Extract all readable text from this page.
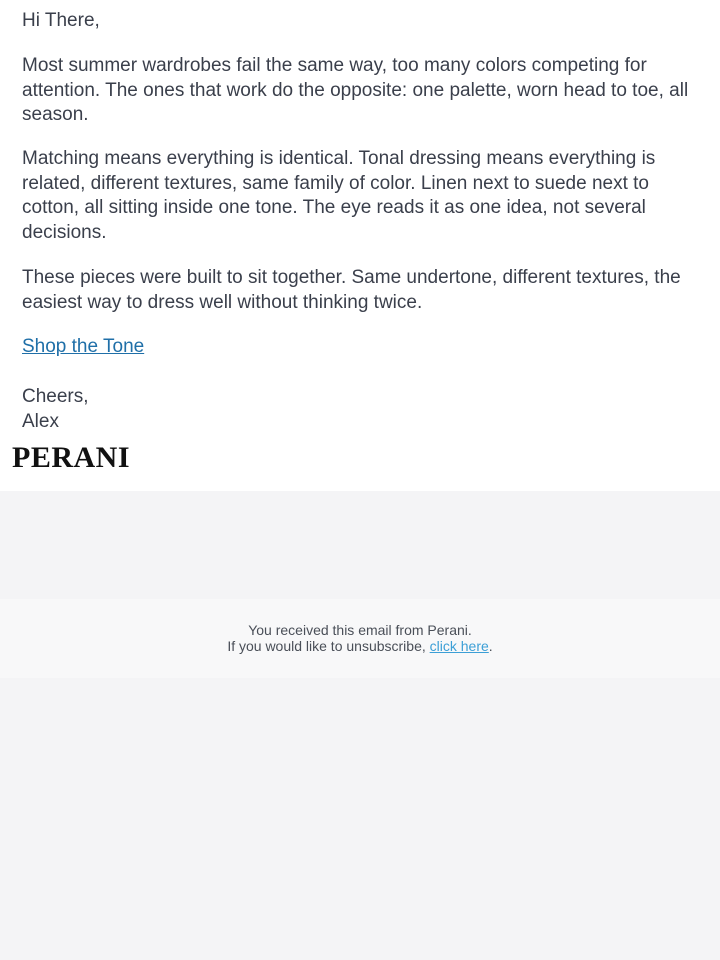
Hi There,

Most summer wardrobes fail the same way, too many colors competing for attention. The ones that work do the opposite: one palette, worn head to toe, all season.

Matching means everything is identical. Tonal dressing means everything is related, different textures, same family of color. Linen next to suede next to cotton, all sitting inside one tone. The eye reads it as one idea, not several decisions.

These pieces were built to sit together. Same undertone, different textures, the easiest way to dress well without thinking twice.

Shop the Tone

Cheers,
Alex

PERANI
You received this email from Perani.
If you would like to unsubscribe, click here.
